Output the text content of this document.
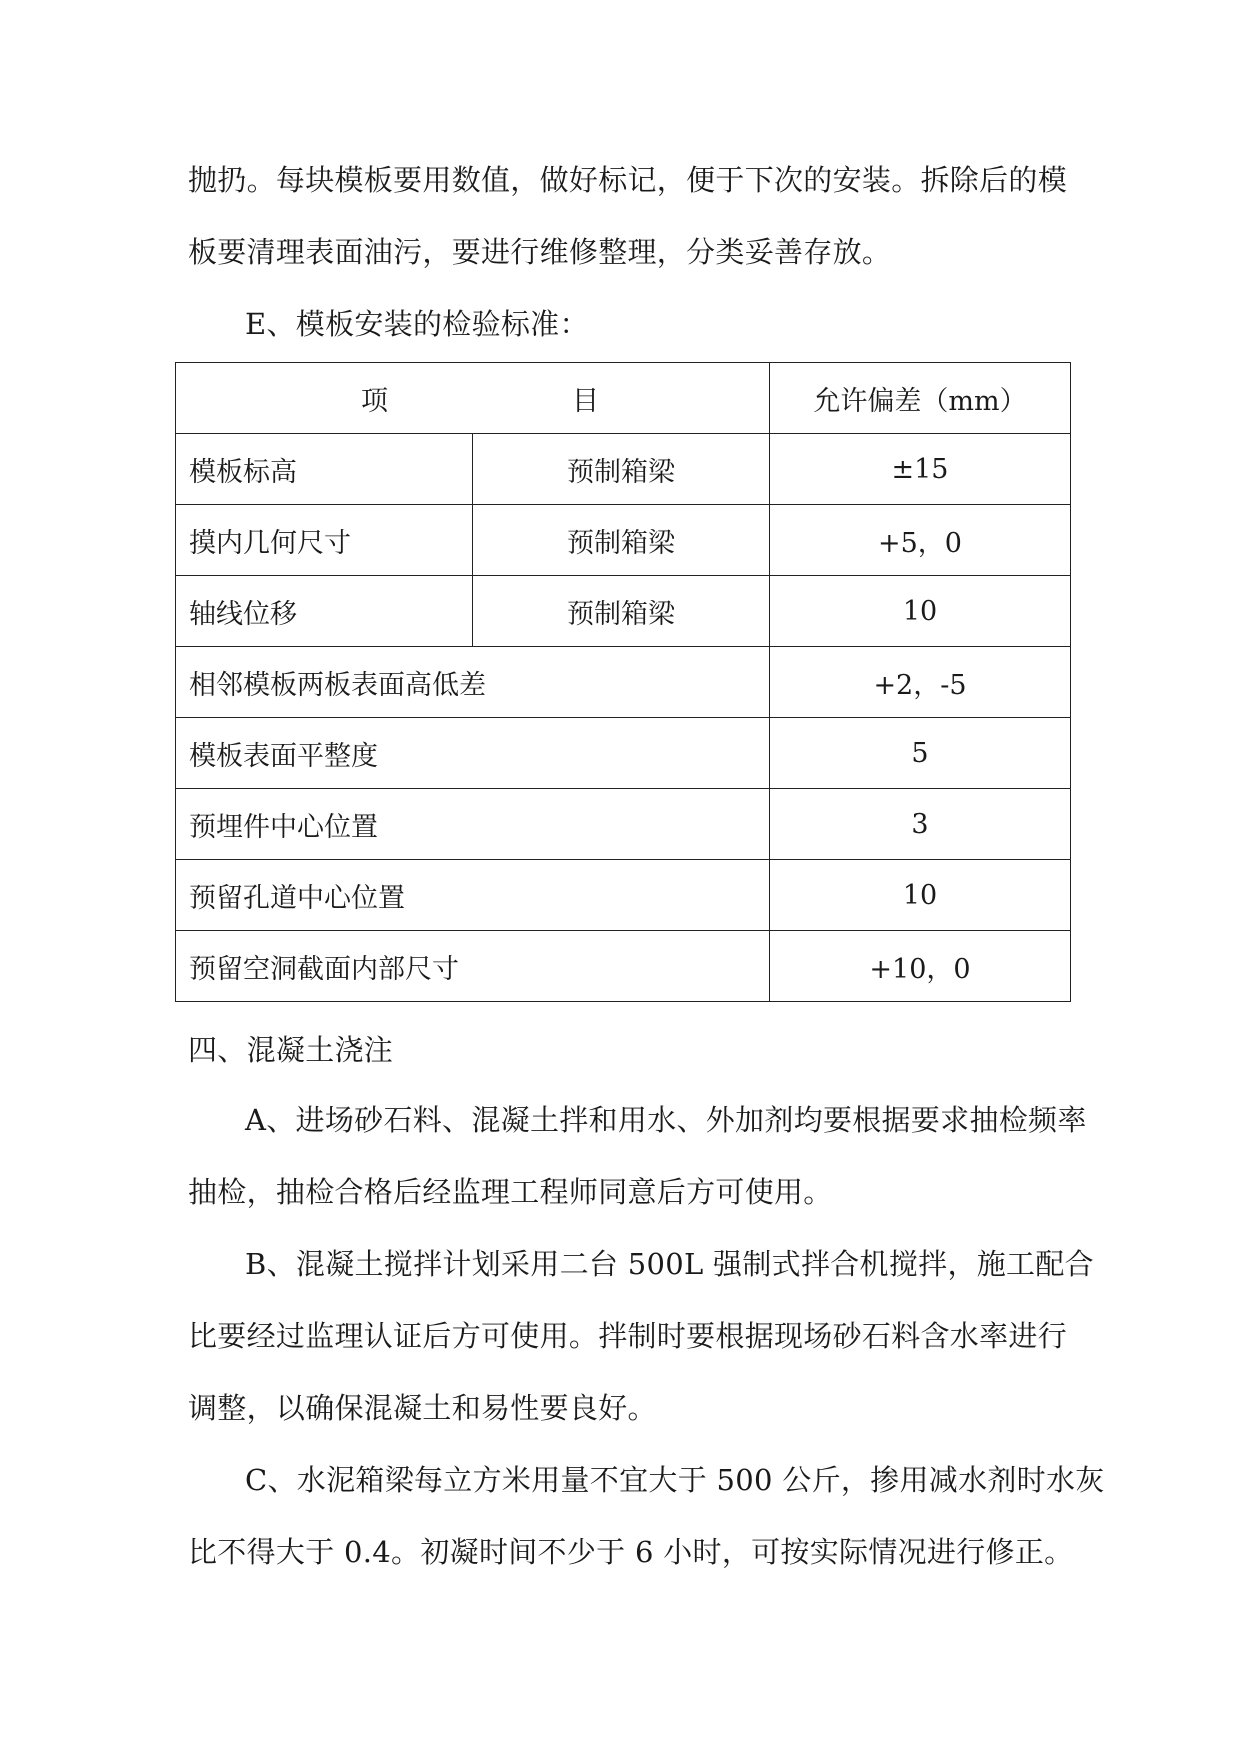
抛扔。每块模板要用数值，做好标记，便于下次的安装。拆除后的模
板要清理表面油污，要进行维修整理，分类妥善存放。
E、模板安装的检验标准：
项 目		允许偏差（mm）
模板标高	预制箱梁	±15
摸内几何尺寸	预制箱梁	+5，0
轴线位移	预制箱梁	10
相邻模板两板表面高低差		+2，-5
模板表面平整度		5
预埋件中心位置		3
预留孔道中心位置		10
预留空洞截面内部尺寸		+10，0
四、混凝土浇注
A、进场砂石料、混凝土拌和用水、外加剂均要根据要求抽检频率
抽检，抽检合格后经监理工程师同意后方可使用。
B、混凝土搅拌计划采用二台 500L 强制式拌合机搅拌，施工配合
比要经过监理认证后方可使用。拌制时要根据现场砂石料含水率进行
调整，以确保混凝土和易性要良好。
C、水泥箱梁每立方米用量不宜大于 500 公斤，掺用减水剂时水灰
比不得大于 0.4。初凝时间不少于 6 小时，可按实际情况进行修正。
